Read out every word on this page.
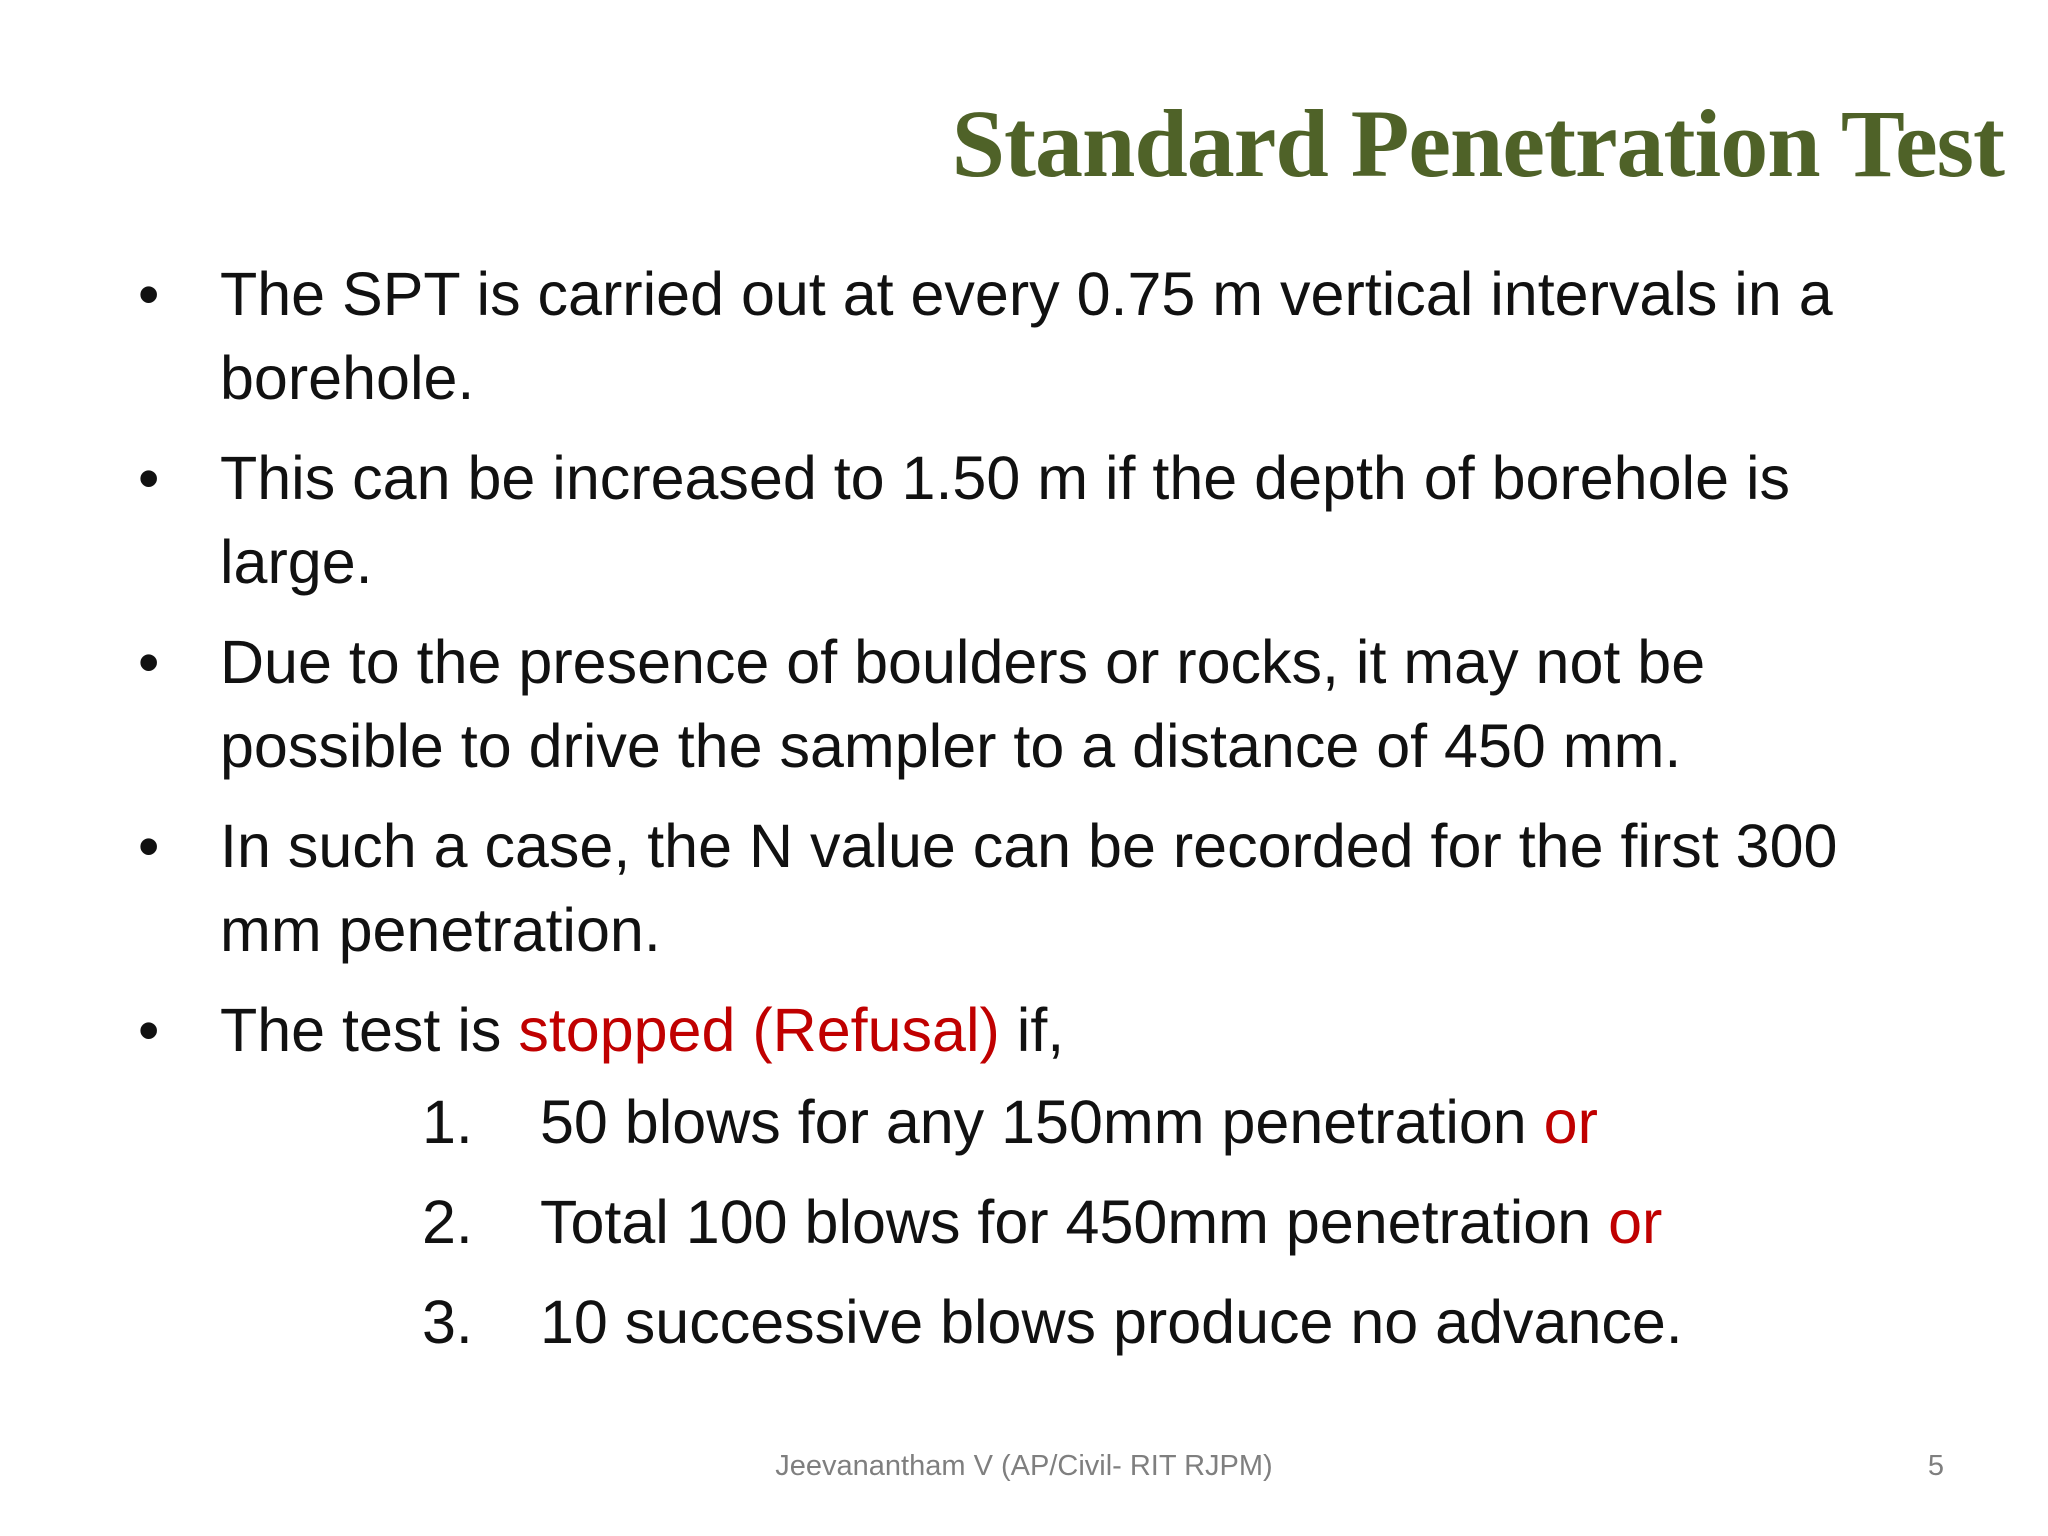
Standard Penetration Test
• The SPT is carried out at every 0.75 m vertical intervals in a borehole.
• This can be increased to 1.50 m if the depth of borehole is large.
• Due to the presence of boulders or rocks, it may not be possible to drive the sampler to a distance of 450 mm.
• In such a case, the N value can be recorded for the first 300 mm penetration.
• The test is stopped (Refusal) if,
1. 50 blows for any 150mm penetration or
2. Total 100 blows for 450mm penetration or
3. 10 successive blows produce no advance.
Jeevanantham V (AP/Civil- RIT RJPM)	5
